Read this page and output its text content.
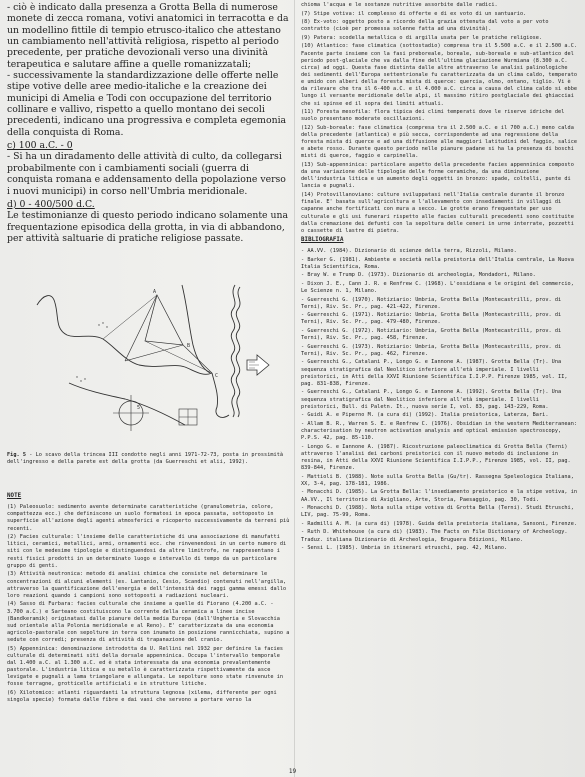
- ciò è indicato dalla presenza a Grotta Bella di numerose monete di zecca romana, votivi anatomici in terracotta e da un modellino fittile di tempio etrusco-italico che attestano un cambiamento nell'attività religiosa, rispetto al periodo precedente, per pratiche devozionali verso una divinità terapeutica e salutare affine a quelle romanizzatali;

- successivamente la standardizzazione delle offerte nelle stipe votive delle aree medio-italiche e la creazione dei municipi di Amelia e Todi con occupazione del territorio collinare e vallivo, rispetto a quello montano dei secoli precedenti, indicano una progressiva e completa egemonia della conquista di Roma.

c) 100 a.C. - 0

- Si ha un diradamento delle attività di culto, da collegarsi probabilmente con i cambiamenti sociali (guerra di conquista romana e addensamento della popolazione verso i nuovi municipi) in corso nell'Umbria meridionale.

d) 0 - 400/500 d.C.

Le testimonianze di questo periodo indicano solamente una frequentazione episodica della grotta, in via di abbandono, per attività saltuarie di pratiche religiose passate.

A
B
C
5
Fig. 5 - Lo scavo della trincea III condotto negli anni 1971-72-73, posta in prossimità dell'ingresso e della parete est della grotta (da Guerreschi et alii, 1992).
NOTE

(1) Paleosuolo: sedimento avente determinate caratteristiche (granulometria, colore, compattezza ecc.) che definiscono un suolo formatosi in epoca passata, sottoposto in superficie all'azione degli agenti atmosferici e ricoperto successivamente da terreni più recenti.

(2) Facies culturale: l'insieme delle caratteristiche di una associazione di manufatti litici, ceramici, metallici, armi, ornamenti ecc. che rinvenendosi in un certo numero di siti con le medesime tipologie e distinguendosi da altre limitrofe, ne rappresentano i resti fisici prodotti in un determinato luogo e intervallo di tempo da un particolare gruppo di genti.

(3) Attività neutronica: metodo di analisi chimica che consiste nel determinare le concentrazioni di alcuni elementi (es. Lantanio, Cesio, Scandio) contenuti nell'argilla, attraverso la quantificazione dell'energia e dell'intensità dei raggi gamma emessi dallo loro reazioni quando i campioni sono sottoposti a radiazioni nucleari.

(4) Sasso di Furbara: facies culturale che insieme a quelle di Fiorano (4.200 a.C. - 3.700 a.C.) e Sarteano costituiscono la corrente della ceramica a linee incise (Bandkeramik) originatasi dalle pianure della media Europa (dall'Ungheria e Slovacchia sud orientale alla Polonia meridionale e al Reno). E' caratterizzata da una economia agricolo-pastorale con sepolture in terra con inumato in posizione rannicchiata, supino a sedute con corredi; presenza di attività di trapanazione del cranio.

(5) Appenninica: denominazione introdotta da U. Rellini nel 1932 per definire la facies culturale di determinati siti della dorsale appenninica. Occupa l'intervallo temporale dal 1.400 a.C. al 1.300 a.C. ed è stata interessata da una economia prevalentemente pastorale. L'industria litica e su metallo è caratterizzata rispettivamente da asce levigate e pugnali a lama triangolare e allungata. Le sepolture sono state rinvenute in fosse terragne, grotticelle artificiali e in strutture litiche.

(6) Xilotomico: atlanti riguardanti la struttura legnosa (xilema, differente per ogni singola specie) formata dalle fibre e dai vasi che servono a portare verso la

chioma l'acqua e le sostanze nutritive assorbite dalle radici.

(7) Stipe votiva: il complesso di offerte e di ex voto di un santuario.

(8) Ex-voto: oggetto posto a ricordo della grazia ottenuta dal voto a per voto contratto (cioè per promessa solenne fatta ad una divinità).

(9) Patera: scodella metallica o di argilla usata per le pratiche religiose.

(10) Atlantico: fase climatica (sottostadio) compresa tra il 5.500 a.C. e il 2.500 a.C. Facente parte insieme con la fasi preboreale, boreale, sub-boreale e sub-atlantico del periodo post-glaciale che va dalla fine dell'ultima glaciazione Wurmiana (8.300 a.C. circa) ad oggi. Questa fase distinta dalle altre attraverso le analisi palinologiche dei sedimenti dell'Europa settentrionale fu caratterizzata da un clima caldo, temperato e umido con alberi della foresta mista di querce: quercia, olmo, ontano, tiglio. Vi è da rilevare che tra il 6-400 a.C. e il 4.000 a.C. circa a causa del clima caldo si ebbe lungo il versante meridionale delle alpi, il massimo ritiro postglaciale dei ghiacciai che si spinse ed il sopra dei limiti attuali.

(11) Foresta mesofila: flora tipica dei climi temperati dove le riserve idriche del suolo presentano moderate oscillazioni.

(12) Sub-boreale: fase climatica (compresa tra il 2.500 a.C. e il 700 a.C.) meno calda della precedente (atlantica) e più secca, corrispondente ad una regressione della foresta mista di querce e ad una diffusione alle maggiori latitudini del faggio, salice e abete rosso. Durante questo periodo nelle pianure padane si ha la presenza di boschi misti di querce, faggio e carpinella.

(13) Sub-appenninica: particolare aspetto della precedente facies appenninica composto da una variazione delle tipologie delle forme ceramiche, da una diminuzione dell'industria litica e un aumento degli oggetti in bronzo: spade, coltelli, punte di lancia e pugnali.

(14) Protovillanoviano: culture sviluppatasi nell'Italia centrale durante il bronzo finale. E' basata sull'agricoltura e l'allevamento con insediamenti in villaggi di capanne anche fortificati con mura a secco. Le grotte erano frequentate per uso culturale e gli usi funerari rispetto alle facies culturali precedenti sono costituite dalla cremazione dei defunti con la sepoltura delle ceneri in urne interrate, pozzetti o cassette di lastre di pietra.

BIBLIOGRAFIA

- AA.VV. (1984). Dizionario di scienze della terra, Rizzoli, Milano.

- Barker G. (1981). Ambiente e società nella preistoria dell'Italia centrale, La Nuova Italia Scientifica, Roma.

- Bray W. e Trump D. (1973). Dizionario di archeologia, Mondadori, Milano.

- Dixon J. E., Cann J. R. e Renfrew C. (1968). L'ossidiana e le origini del commercio, Le Scienze n. 1, Milano.

- Guerreschi G. (1970). Notiziario: Umbria, Grotta Bella (Montecastrilli, prov. di Terni), Riv. Sc. Pr., pag. 421-422, Firenze.

- Guerreschi G. (1971). Notiziario: Umbria, Grotta Bella (Montecastrilli, prov. di Terni), Riv. Sc. Pr., pag. 479-480, Firenze.

- Guerreschi G. (1972). Notiziario: Umbria, Grotta Bella (Montecastrilli, prov. di Terni), Riv. Sc. Pr., pag. 458, Firenze.

- Guerreschi G. (1973). Notiziario: Umbria, Grotta Bella (Montecastrilli, prov. di Terni), Riv. Sc. Pr., pag. 462, Firenze.

- Guerreschi G., Catalani P., Longo G. e Iannone A. (1987). Grotta Bella (Tr). Una sequenza stratigrafica dal Neolitico inferiore all'età imperiale. I livelli preistorici, in Atti della XXVI Riunione Scientifica I.I.P.P. Firenze 1985, vol. II, pag. 831-838, Firenze.

- Guerreschi G., Catalani P., Longo G. e Iannone A. (1992). Grotta Bella (Tr). Una sequenza stratigrafica dal Neolitico inferiore all'età imperiale. I livelli preistorici, Bull. di Paletn. It., nuova serie I, vol. 83, pag. 143-229, Roma.

- Guidi A. e Piperno M. (a cura di) (1992). Italia preistorica, Laterza, Bari.

- Allam B. R., Warren S. E. e Renfrew C. (1976). Obsidian in the western Mediterranean: characterisation by neutron activation analysis and optical emission spectroscopy, P.P.S. 42, pag. 85-110.

- Longo G. e Iannone A. (1987). Ricostruzione paleoclimatica di Grotta Bella (Terni) attraverso l'analisi dei carboni preistorici con il nuovo metodo di inclusione in resina, in Atti della XXVI Riunione Scientifica I.I.P.P., Firenze 1985, vol. II, pag. 839-844, Firenze.

- Mattioli B. (1988). Note sulla Grotta Bella (Gu/tr). Rassegna Speleologica Italiana, XX, 3-4, pag. 178-181, 1986.

- Monacchi D. (1985). La Grotta Bella: l'insediamento preistorico e la stipe votiva, in AA.VV., Il territorio di Avigliano, Arte, Storia, Paesaggio, pag. 30, Todi.

- Monacchi D. (1988). Nota sulla stipe votiva di Grotta Bella (Terni). Studi Etruschi, LIV, pag. 75-99, Roma.

- Radmilli A. M. (a cura di) (1978). Guida della preistoria italiana, Sansoni, Firenze.

- Ruth D. Whitehouse (a cura di) (1983). The Facts on File Dictionary of Archeology. Traduz. italiana Dizionario di Archeologia, Bruguera Edizioni, Milano.

- Sensi L. (1985). Umbria in itinerari etruschi, pag. 42, Milano.

19
